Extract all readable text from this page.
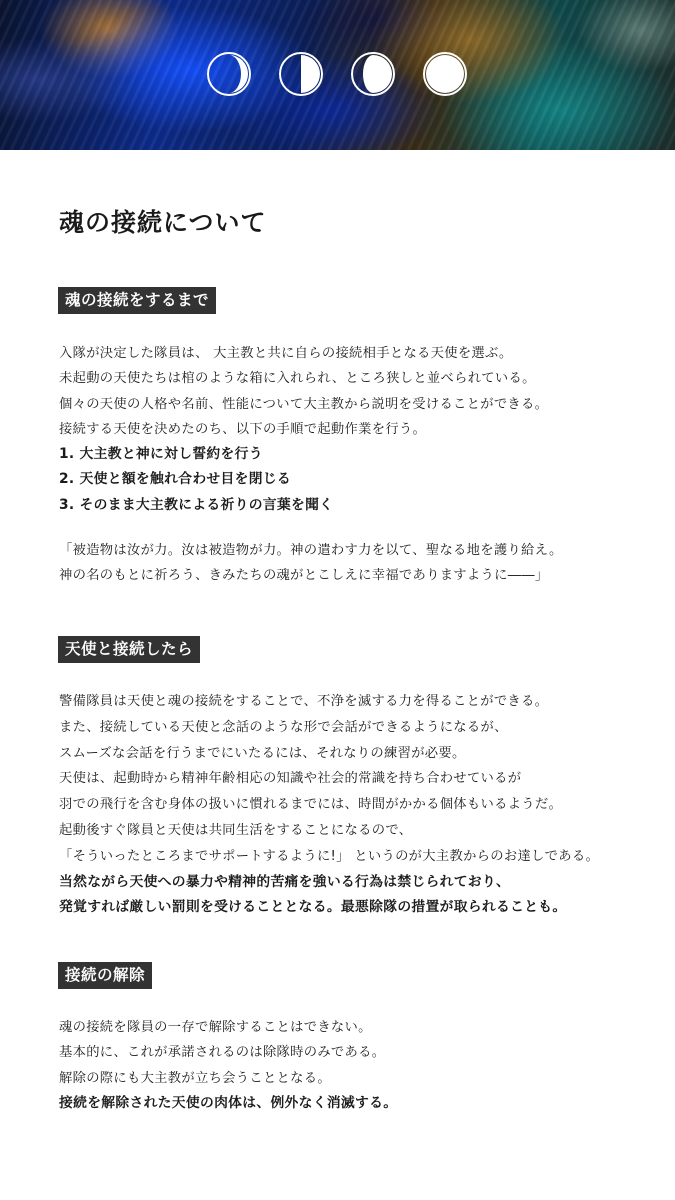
魂の接続について
魂の接続をするまで
入隊が決定した隊員は、 大主教と共に自らの接続相手となる天使を選ぶ。
未起動の天使たちは棺のような箱に入れられ、ところ狭しと並べられている。
個々の天使の人格や名前、性能について大主教から説明を受けることができる。
接続する天使を決めたのち、以下の手順で起動作業を行う。
1. 大主教と神に対し誓約を行う
2. 天使と額を触れ合わせ目を閉じる
3. そのまま大主教による祈りの言葉を聞く
「被造物は汝が力。汝は被造物が力。神の遣わす力を以て、聖なる地を護り給え。
神の名のもとに祈ろう、きみたちの魂がとこしえに幸福でありますように――」
天使と接続したら
警備隊員は天使と魂の接続をすることで、不浄を滅する力を得ることができる。
また、接続している天使と念話のような形で会話ができるようになるが、
スムーズな会話を行うまでにいたるには、それなりの練習が必要。
天使は、起動時から精神年齢相応の知識や社会的常識を持ち合わせているが
羽での飛行を含む身体の扱いに慣れるまでには、時間がかかる個体もいるようだ。
起動後すぐ隊員と天使は共同生活をすることになるので、
「そういったところまでサポートするように!」 というのが大主教からのお達しである。
当然ながら天使への暴力や精神的苦痛を強いる行為は禁じられており、
発覚すれば厳しい罰則を受けることとなる。最悪除隊の措置が取られることも。
接続の解除
魂の接続を隊員の一存で解除することはできない。
基本的に、これが承諾されるのは除隊時のみである。
解除の際にも大主教が立ち会うこととなる。
接続を解除された天使の肉体は、例外なく消滅する。
